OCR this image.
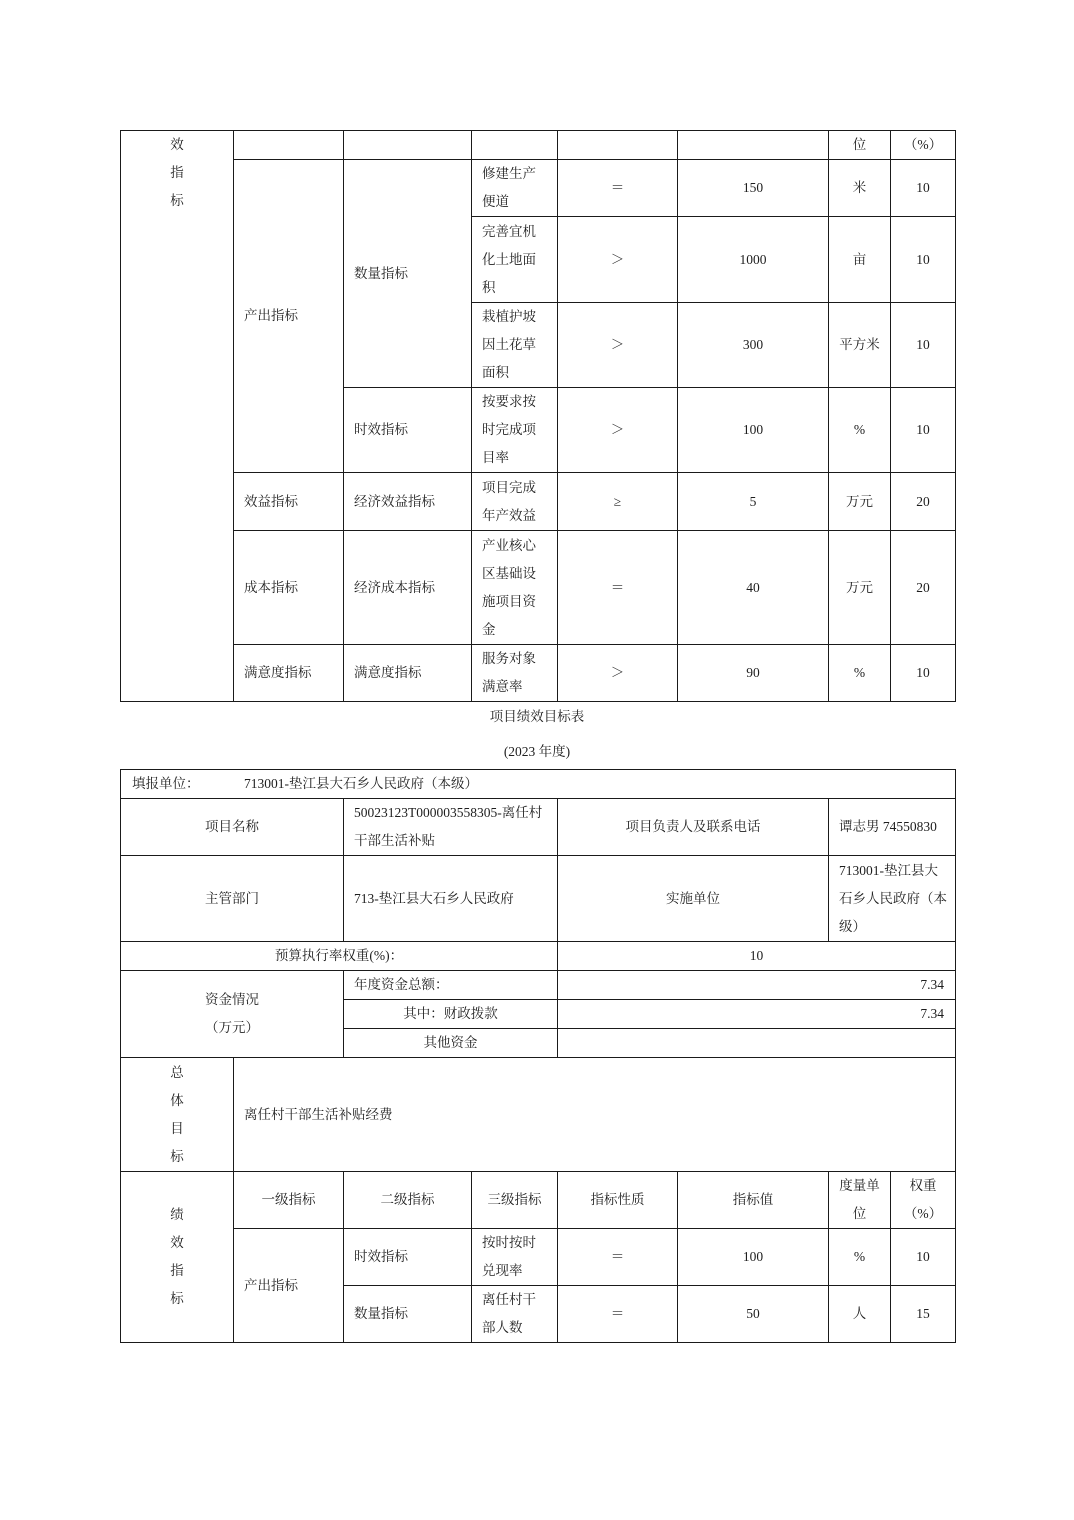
效指标						位	（%）
	产出指标	数量指标	修建生产便道	＝	150	米	10

			完善宜机化土地面积	＞	1000	亩	10

			栽植护坡因土花草面积	＞	300	平方米	10
		时效指标	按要求按时完成项目率	＞	100	%	10
	效益指标	经济效益指标	项目完成年产效益	≥	5	万元	20
	成本指标	经济成本指标	产业核心区基础设施项目资金	＝	40	万元	20
	满意度指标	满意度指标	服务对象满意率	＞	90	%	10
项目绩效目标表
(2023 年度)
填报单位： 713001-垫江县大石乡人民政府（本级）							
项目名称		50023123T000003558305-离任村干部生活补贴		项目负责人及联系电话		谭志男 74550830	
主管部门		713-垫江县大石乡人民政府		实施单位		713001-垫江县大石乡人民政府（本级）	

预算执行率权重(%)：				10			

资金情况
（万元）		年度资金总额：		7.34			
		其中：财政拨款		7.34			
		其他资金					

总体目标	离任村干部生活补贴经费						

绩效指标	一级指标	二级指标	三级指标	指标性质	指标值	度量单位	权重（%）

	产出指标	时效指标	按时按时兑现率	＝	100	%	10
		数量指标	离任村干部人数	＝	50	人	15
